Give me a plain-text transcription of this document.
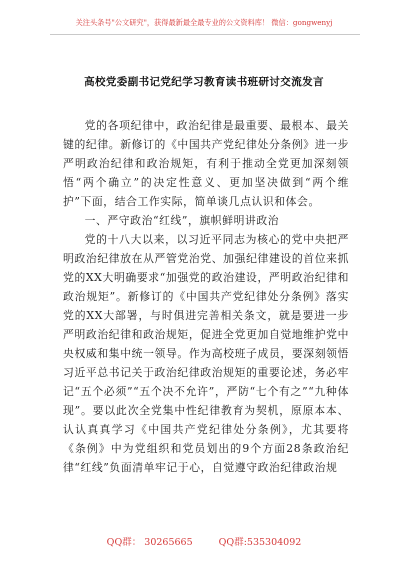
关注头条号"公文研究"，获得最新最全最专业的公文资料库！ 微信：gongwenyj
高校党委副书记党纪学习教育读书班研讨交流发言

党的各项纪律中，政治纪律是最重要、最根本、最关键的纪律。新修订的《中国共产党纪律处分条例》进一步严明政治纪律和政治规矩，有利于推动全党更加深刻领悟“两个确立”的决定性意义、更加坚决做到“两个维护”下面，结合工作实际，简单谈几点认识和体会。

一、严守政治“红线”，旗帜鲜明讲政治

党的十八大以来，以习近平同志为核心的党中央把严明政治纪律放在从严管党治党、加强纪律建设的首位来抓党的XX大明确要求“加强党的政治建设，严明政治纪律和政治规矩”。新修订的《中国共产党纪律处分条例》落实党的XX大部署，与时俱进完善相关条文，就是要进一步严明政治纪律和政治规矩，促进全党更加自觉地维护党中央权威和集中统一领导。作为高校班子成员，要深刻领悟习近平总书记关于政治纪律政治规矩的重要论述，务必牢记“五个必须”“五个决不允许”，严防“七个有之”“九种体现”。要以此次全党集中性纪律教育为契机，原原本本、认认真真学习《中国共产党纪律处分条例》，尤其要将《条例》中为党组织和党员划出的9个方面28条政治纪律“红线”负面清单牢记于心，自觉遵守政治纪律政治规

QQ群： 30265665	QQ群:535304092
